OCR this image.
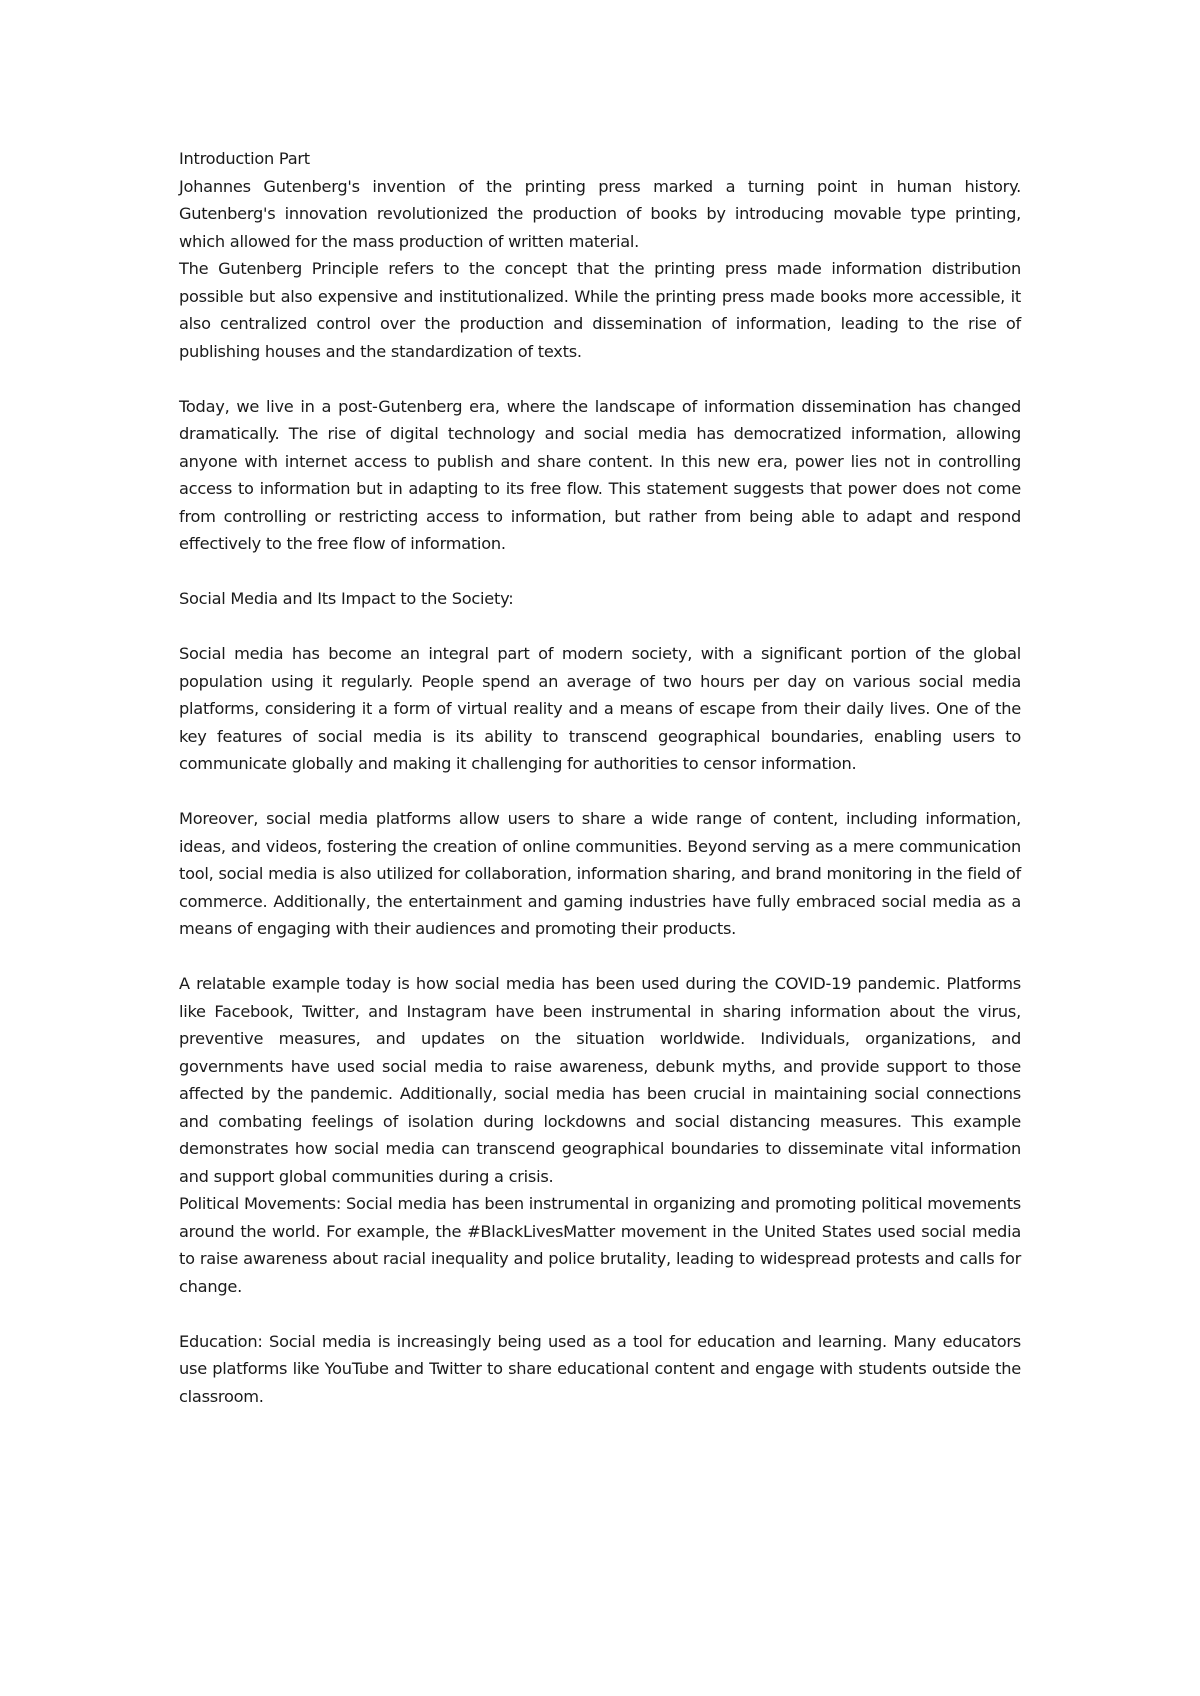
Introduction Part

Johannes Gutenberg's invention of the printing press marked a turning point in human history. Gutenberg's innovation revolutionized the production of books by introducing movable type printing, which allowed for the mass production of written material.

The Gutenberg Principle refers to the concept that the printing press made information distribution possible but also expensive and institutionalized. While the printing press made books more accessible, it also centralized control over the production and dissemination of information, leading to the rise of publishing houses and the standardization of texts.

Today, we live in a post-Gutenberg era, where the landscape of information dissemination has changed dramatically. The rise of digital technology and social media has democratized information, allowing anyone with internet access to publish and share content. In this new era, power lies not in controlling access to information but in adapting to its free flow. This statement suggests that power does not come from controlling or restricting access to information, but rather from being able to adapt and respond effectively to the free flow of information.

Social Media and Its Impact to the Society:

Social media has become an integral part of modern society, with a significant portion of the global population using it regularly. People spend an average of two hours per day on various social media platforms, considering it a form of virtual reality and a means of escape from their daily lives. One of the key features of social media is its ability to transcend geographical boundaries, enabling users to communicate globally and making it challenging for authorities to censor information.

Moreover, social media platforms allow users to share a wide range of content, including information, ideas, and videos, fostering the creation of online communities. Beyond serving as a mere communication tool, social media is also utilized for collaboration, information sharing, and brand monitoring in the field of commerce. Additionally, the entertainment and gaming industries have fully embraced social media as a means of engaging with their audiences and promoting their products.

A relatable example today is how social media has been used during the COVID-19 pandemic. Platforms like Facebook, Twitter, and Instagram have been instrumental in sharing information about the virus, preventive measures, and updates on the situation worldwide. Individuals, organizations, and governments have used social media to raise awareness, debunk myths, and provide support to those affected by the pandemic. Additionally, social media has been crucial in maintaining social connections and combating feelings of isolation during lockdowns and social distancing measures. This example demonstrates how social media can transcend geographical boundaries to disseminate vital information and support global communities during a crisis.

Political Movements: Social media has been instrumental in organizing and promoting political movements around the world. For example, the #BlackLivesMatter movement in the United States used social media to raise awareness about racial inequality and police brutality, leading to widespread protests and calls for change.

Education: Social media is increasingly being used as a tool for education and learning. Many educators use platforms like YouTube and Twitter to share educational content and engage with students outside the classroom.
